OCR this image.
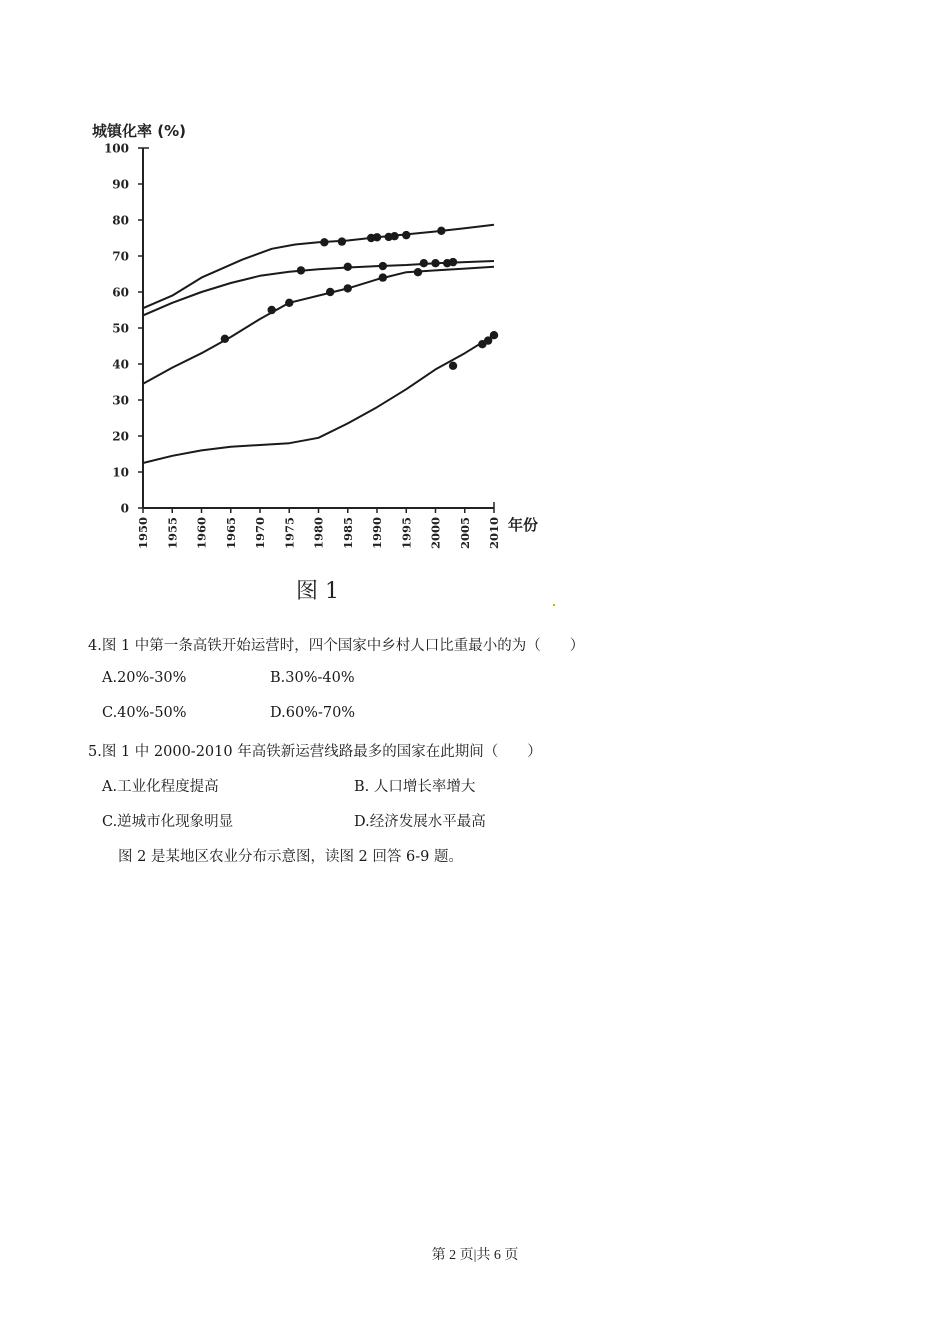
0
10
20
30
40
50
60
70
80
90
100
1950 1955 1960 1965 1970 1975 1980 1985 1990 1995 2000 2005 2010
城镇化率 (%)
年份
图 1
4.图 1 中第一条高铁开始运营时，四个国家中乡村人口比重最小的为（　　）
A.20%-30%	B.30%-40%
C.40%-50%	D.60%-70%
5.图 1 中 2000-2010 年高铁新运营线路最多的国家在此期间（　　）
A.工业化程度提高	B. 人口增长率增大
C.逆城市化现象明显	D.经济发展水平最高
图 2 是某地区农业分布示意图，读图 2 回答 6-9 题。
第 2 页|共 6 页
